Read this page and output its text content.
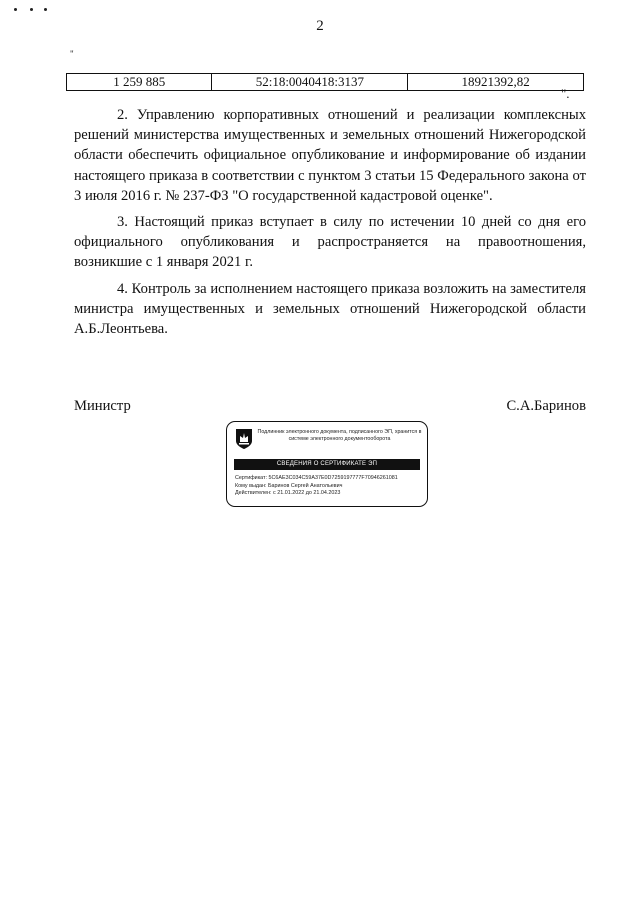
2
"
1 259 885	52:18:0040418:3137	18921392,82
".

2. Управлению корпоративных отношений и реализации комплексных решений министерства имущественных и земельных отношений Нижегородской области обеспечить официальное опубликование и информирование об издании настоящего приказа в соответствии с пунктом 3 статьи 15 Федерального закона от 3 июля 2016 г. № 237-ФЗ "О государственной кадастровой оценке".

3. Настоящий приказ вступает в силу по истечении 10 дней со дня его официального опубликования и распространяется на правоотношения, возникшие с 1 января 2021 г.

4. Контроль за исполнением настоящего приказа возложить на заместителя министра имущественных и земельных отношений Нижегородской области А.Б.Леонтьева.

Министр	С.А.Баринов
Подлинник электронного документа, подписанного ЭП, хранится в системе электронного документооборота
СВЕДЕНИЯ О СЕРТИФИКАТЕ ЭП
Сертификат: 5C6AE3C034C59A37E0D7259197777F70946261081
Кому выдан: Баринов Сергей Анатольевич
Действителен: с 21.01.2022 до 21.04.2023
